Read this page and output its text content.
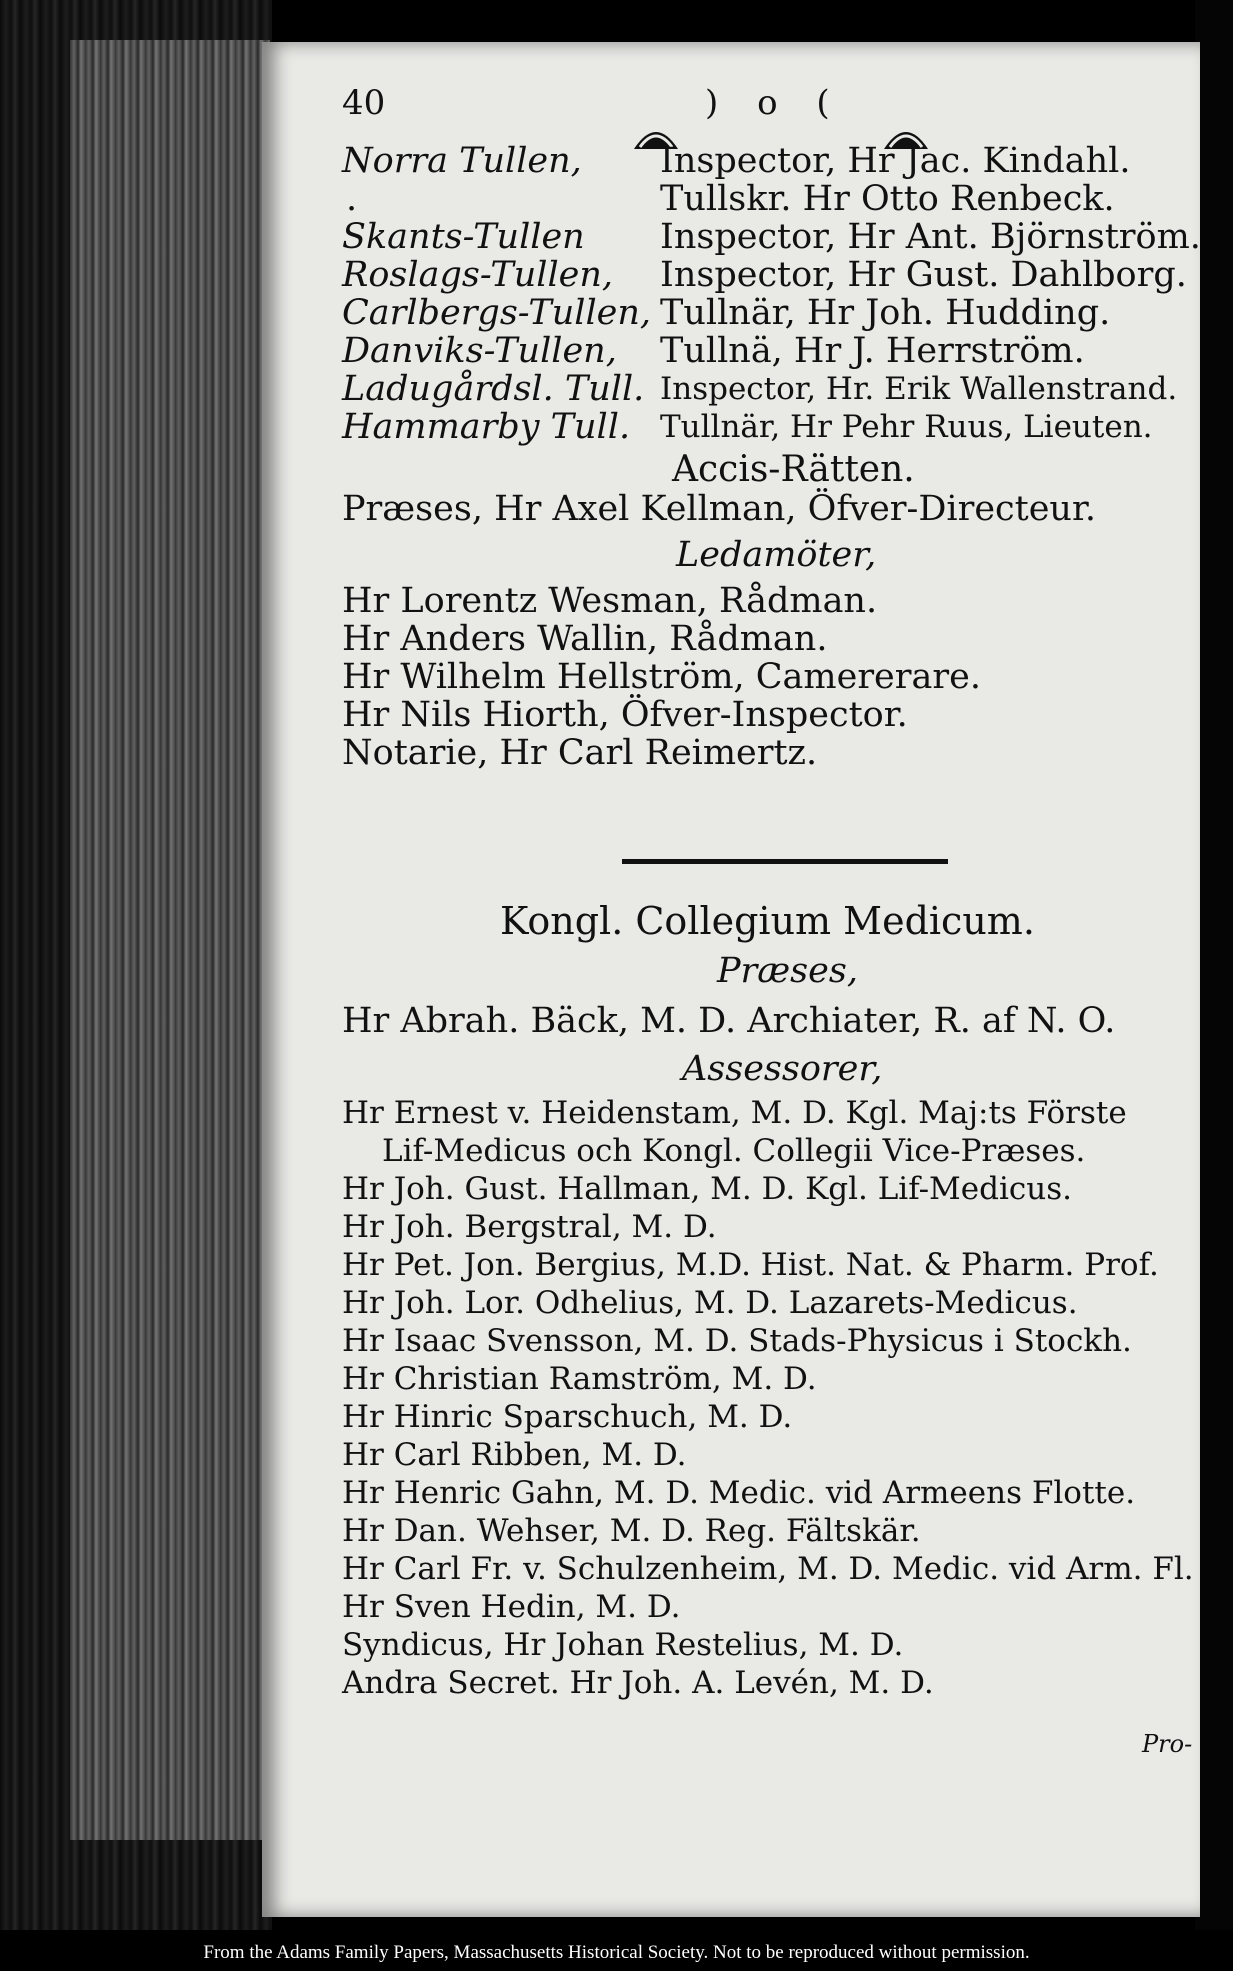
40	) o (
Norra Tullen, Inspector, Hr Jac. Kindahl.
.	Tullskr. Hr Otto Renbeck.
Skants-Tullen Inspector, Hr Ant. Björnström.
Roslags-Tullen, Inspector, Hr Gust. Dahlborg.
Carlbergs-Tullen, Tullnär, Hr Joh. Hudding.
Danviks-Tullen, Tullnä, Hr J. Herrström.
Ladugårdsl. Tull. Inspector, Hr. Erik Wallenstrand.
Hammarby Tull. Tullnär, Hr Pehr Ruus, Lieuten.
Accis-Rätten.
Præses, Hr Axel Kellman, Öfver-Directeur.
Ledamöter,
Hr Lorentz Wesman, Rådman.
Hr Anders Wallin, Rådman.
Hr Wilhelm Hellström, Camererare.
Hr Nils Hiorth, Öfver-Inspector.
Notarie, Hr Carl Reimertz.
Kongl. Collegium Medicum.
Præses,
Hr Abrah. Bäck, M. D. Archiater, R. af N. O.
Assessorer,
Hr Ernest v. Heidenstam, M. D. Kgl. Maj:ts Förste
Lif-Medicus och Kongl. Collegii Vice-Præses.
Hr Joh. Gust. Hallman, M. D. Kgl. Lif-Medicus.
Hr Joh. Bergstral, M. D.
Hr Pet. Jon. Bergius, M.D. Hist. Nat. & Pharm. Prof.
Hr Joh. Lor. Odhelius, M. D. Lazarets-Medicus.
Hr Isaac Svensson, M. D. Stads-Physicus i Stockh.
Hr Christian Ramström, M. D.
Hr Hinric Sparschuch, M. D.
Hr Carl Ribben, M. D.
Hr Henric Gahn, M. D. Medic. vid Armeens Flotte.
Hr Dan. Wehser, M. D. Reg. Fältskär.
Hr Carl Fr. v. Schulzenheim, M. D. Medic. vid Arm. Fl.
Hr Sven Hedin, M. D.
Syndicus, Hr Johan Restelius, M. D.
Andra Secret. Hr Joh. A. Levén, M. D.
Pro-
From the Adams Family Papers, Massachusetts Historical Society. Not to be reproduced without permission.
